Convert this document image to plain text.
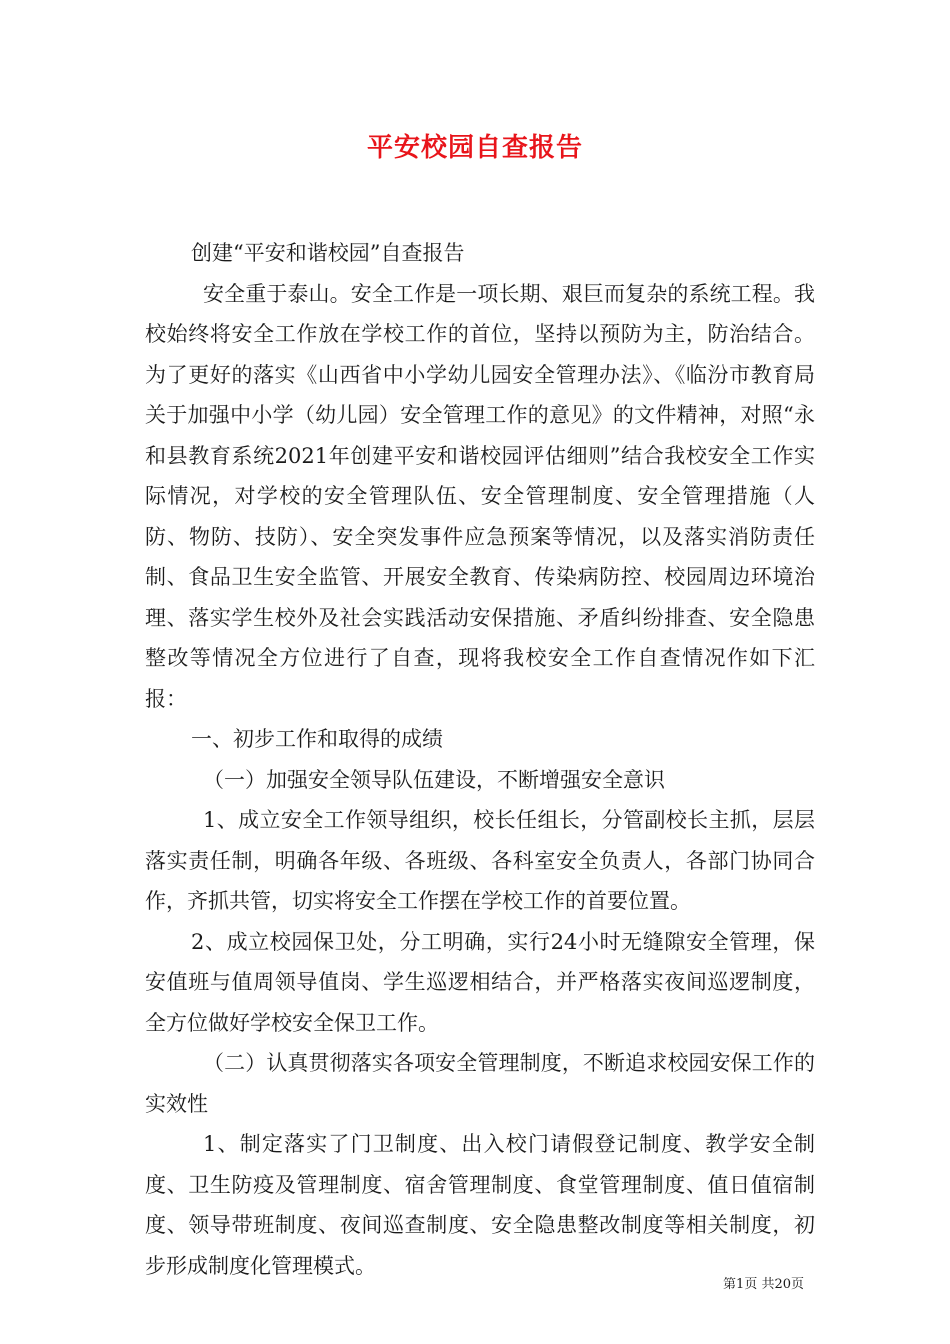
平安校园自查报告

创建“平安和谐校园”自查报告

安全重于泰山。安全工作是一项长期、艰巨而复杂的系统工程。我校始终将安全工作放在学校工作的首位，坚持以预防为主，防治结合。为了更好的落实《山西省中小学幼儿园安全管理办法》、《临汾市教育局关于加强中小学（幼儿园）安全管理工作的意见》的文件精神，对照“永和县教育系统2021年创建平安和谐校园评估细则”结合我校安全工作实际情况，对学校的安全管理队伍、安全管理制度、安全管理措施（人防、物防、技防）、安全突发事件应急预案等情况，以及落实消防责任制、食品卫生安全监管、开展安全教育、传染病防控、校园周边环境治理、落实学生校外及社会实践活动安保措施、矛盾纠纷排查、安全隐患整改等情况全方位进行了自查，现将我校安全工作自查情况作如下汇报：

一、初步工作和取得的成绩

（一）加强安全领导队伍建设，不断增强安全意识

1、成立安全工作领导组织，校长任组长，分管副校长主抓，层层落实责任制，明确各年级、各班级、各科室安全负责人，各部门协同合作，齐抓共管，切实将安全工作摆在学校工作的首要位置。

2、成立校园保卫处，分工明确，实行24小时无缝隙安全管理，保安值班与值周领导值岗、学生巡逻相结合，并严格落实夜间巡逻制度，全方位做好学校安全保卫工作。

（二）认真贯彻落实各项安全管理制度，不断追求校园安保工作的实效性

1、制定落实了门卫制度、出入校门请假登记制度、教学安全制度、卫生防疫及管理制度、宿舍管理制度、食堂管理制度、值日值宿制度、领导带班制度、夜间巡查制度、安全隐患整改制度等相关制度，初步形成制度化管理模式。

第1页 共20页
